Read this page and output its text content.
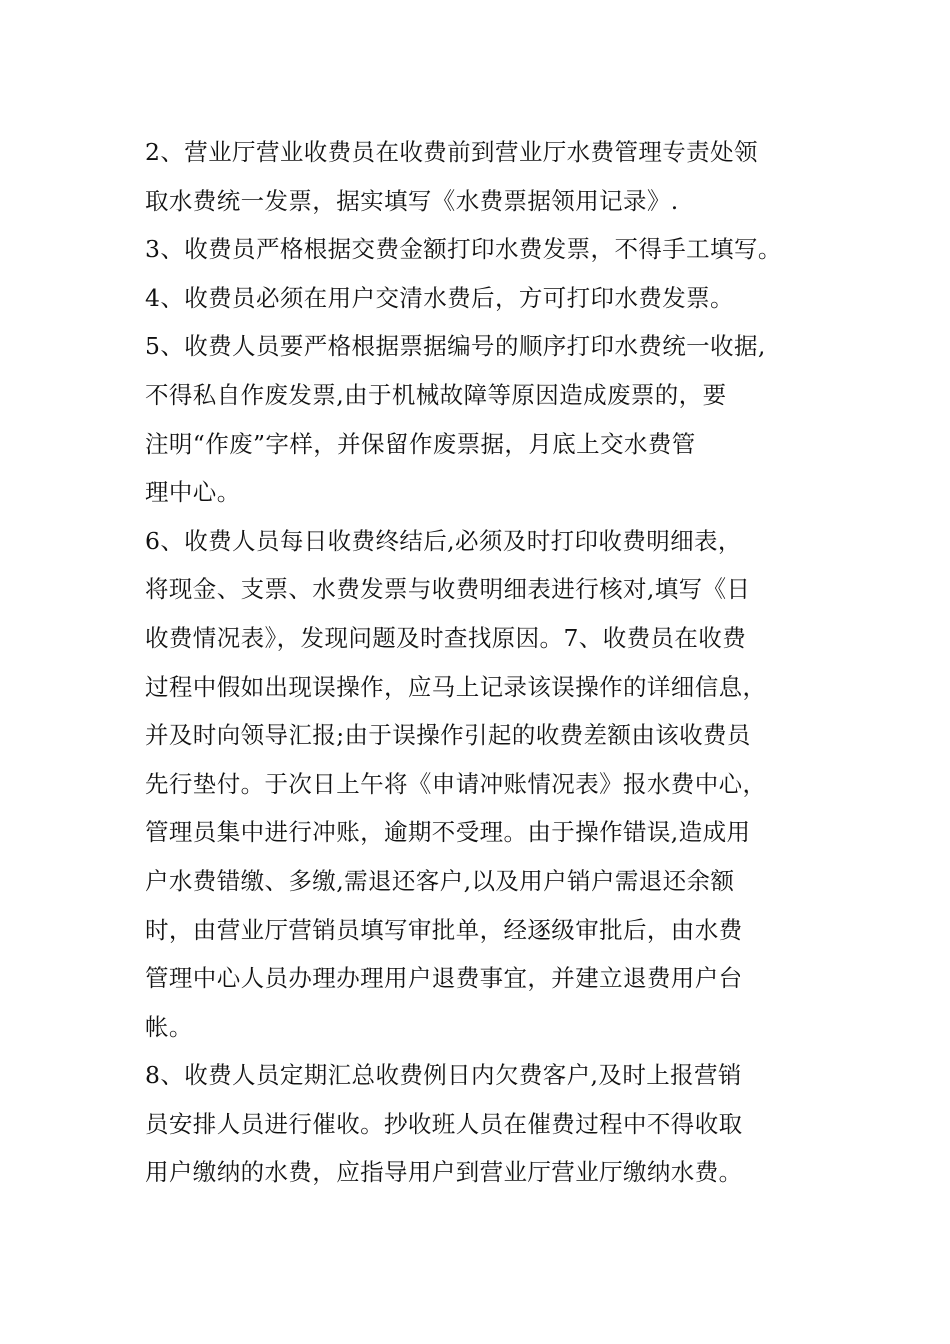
2、营业厅营业收费员在收费前到营业厅水费管理专责处领
取水费统一发票，据实填写《水费票据领用记录》.
3、收费员严格根据交费金额打印水费发票，不得手工填写。
4、收费员必须在用户交清水费后，方可打印水费发票。
5、收费人员要严格根据票据编号的顺序打印水费统一收据,
不得私自作废发票,由于机械故障等原因造成废票的，要
注明“作废”字样，并保留作废票据，月底上交水费管
理中心。
6、收费人员每日收费终结后,必须及时打印收费明细表，
将现金、支票、水费发票与收费明细表进行核对,填写《日
收费情况表》，发现问题及时查找原因。7、收费员在收费
过程中假如出现误操作，应马上记录该误操作的详细信息，
并及时向领导汇报;由于误操作引起的收费差额由该收费员
先行垫付。于次日上午将《申请冲账情况表》报水费中心，
管理员集中进行冲账，逾期不受理。由于操作错误,造成用
户水费错缴、多缴,需退还客户,以及用户销户需退还余额
时，由营业厅营销员填写审批单，经逐级审批后，由水费
管理中心人员办理办理用户退费事宜，并建立退费用户台
帐。
8、收费人员定期汇总收费例日内欠费客户,及时上报营销
员安排人员进行催收。抄收班人员在催费过程中不得收取
用户缴纳的水费，应指导用户到营业厅营业厅缴纳水费。
